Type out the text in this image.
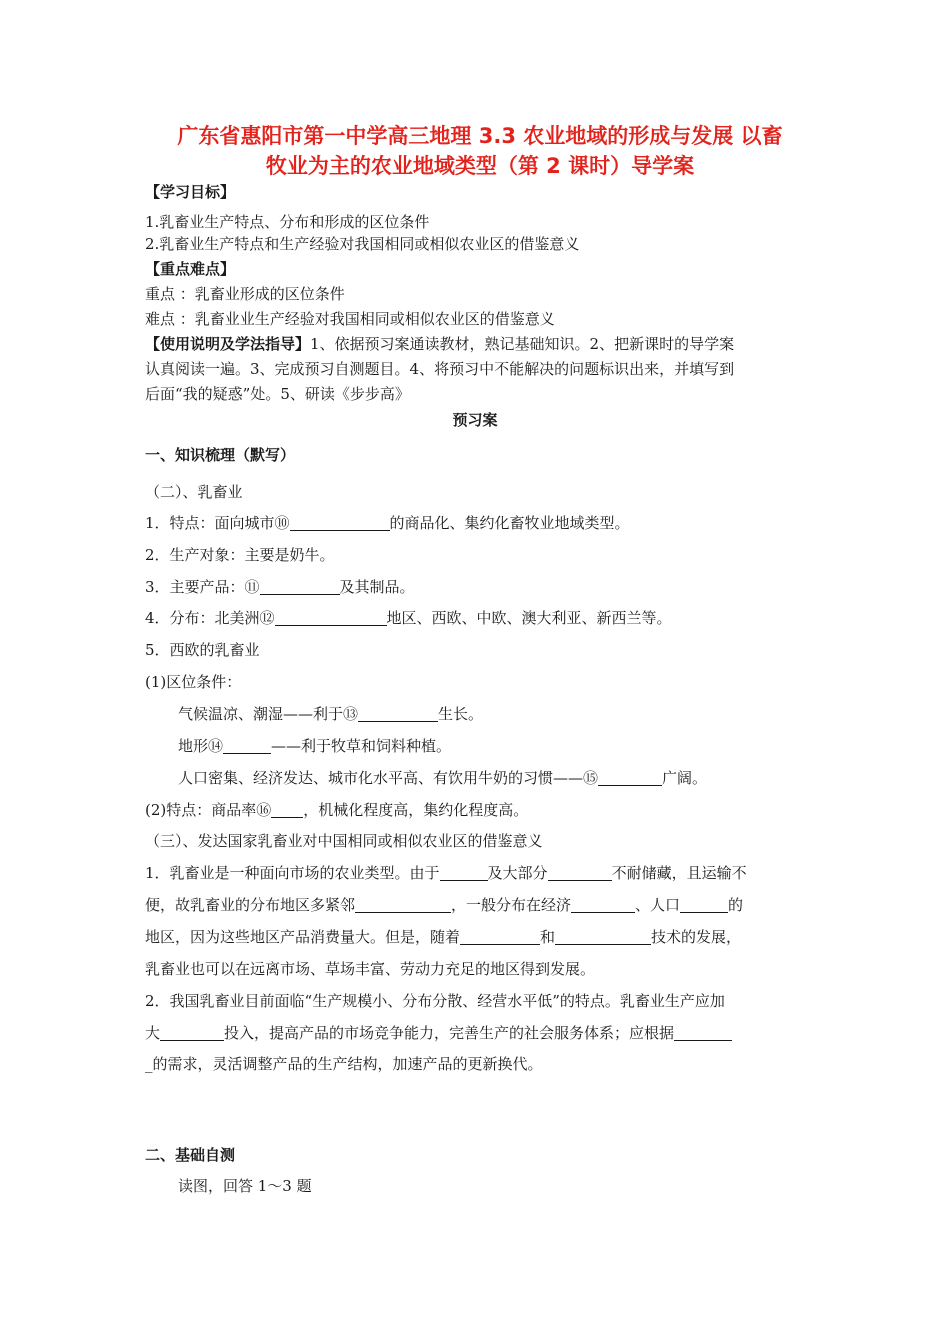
广东省惠阳市第一中学高三地理 3.3 农业地域的形成与发展 以畜
牧业为主的农业地域类型（第 2 课时）导学案
【学习目标】
1.乳畜业生产特点、分布和形成的区位条件
2.乳畜业生产特点和生产经验对我国相同或相似农业区的借鉴意义
【重点难点】
重点 ：乳畜业形成的区位条件
难点 ：乳畜业业生产经验对我国相同或相似农业区的借鉴意义
【使用说明及学法指导】1、依据预习案通读教材，熟记基础知识。2、把新课时的导学案
认真阅读一遍。3、完成预习自测题目。4、将预习中不能解决的问题标识出来，并填写到
后面“我的疑惑”处。5、研读《步步高》
预习案
一、知识梳理（默写）
（二）、乳畜业
1．特点：面向城市⑩	的商品化、集约化畜牧业地域类型。
2．生产对象：主要是奶牛。
3．主要产品：⑪	及其制品。
4．分布：北美洲⑫	地区、西欧、中欧、澳大利亚、新西兰等。
5．西欧的乳畜业
(1)区位条件：
气候温凉、潮湿——利于⑬	生长。
地形⑭	——利于牧草和饲料种植。
人口密集、经济发达、城市化水平高、有饮用牛奶的习惯——⑮	广阔。
(2)特点：商品率⑯ ，机械化程度高，集约化程度高。
（三）、发达国家乳畜业对中国相同或相似农业区的借鉴意义
1．乳畜业是一种面向市场的农业类型。由于	及大部分	不耐储藏，且运输不
便，故乳畜业的分布地区多紧邻	，一般分布在经济	、人口	的
地区，因为这些地区产品消费量大。但是，随着	和	技术的发展，
乳畜业也可以在远离市场、草场丰富、劳动力充足的地区得到发展。
2．我国乳畜业目前面临“生产规模小、分布分散、经营水平低”的特点。乳畜业生产应加
大	投入，提高产品的市场竞争能力，完善生产的社会服务体系；应根据
_的需求，灵活调整产品的生产结构，加速产品的更新换代。
二、基础自测
读图，回答 1～3 题
